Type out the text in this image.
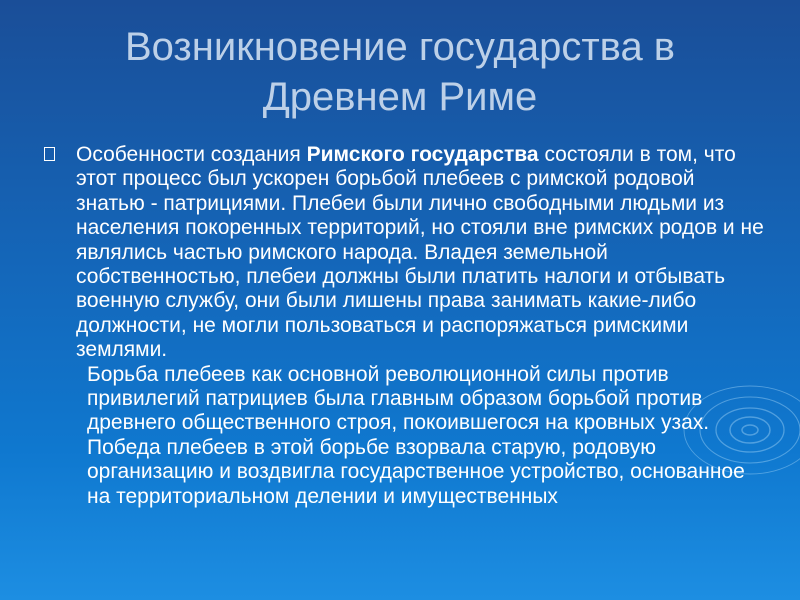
Возникновение государства в Древнем Риме

Особенности создания Римского государства состояли в том, что этот процесс был ускорен борьбой плебеев с римской родовой знатью - патрициями. Плебеи были лично свободными людьми из населения покоренных территорий, но стояли вне римских родов и не являлись частью римского народа. Владея земельной собственностью, плебеи должны были платить налоги и отбывать военную службу, они были лишены права занимать какие-либо должности, не могли пользоваться и распоряжаться римскими землями.

Борьба плебеев как основной революционной силы против привилегий патрициев была главным образом борьбой против древнего общественного строя, покоившегося на кровных узах. Победа плебеев в этой борьбе взорвала старую, родовую организацию и воздвигла государственное устройство, основанное на территориальном делении и имущественных
